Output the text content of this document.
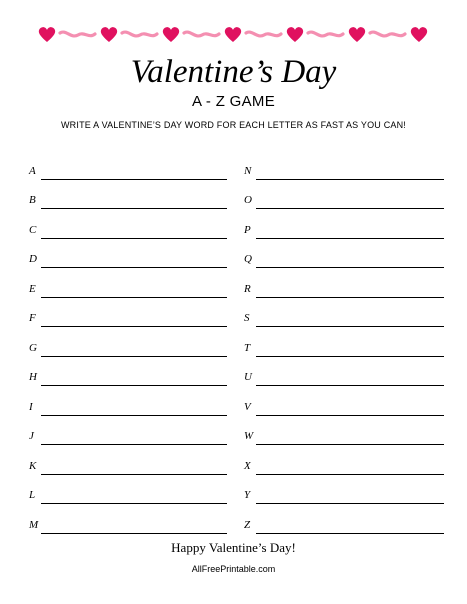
Valentine’s Day
A - Z GAME
WRITE A VALENTINE’S DAY WORD FOR EACH LETTER AS FAST AS YOU CAN!
A
B
C
D
E
F
G
H
I
J
K
L
M
N
O
P
Q
R
S
T
U
V
W
X
Y
Z
Happy Valentine’s Day!
AllFreePrintable.com
